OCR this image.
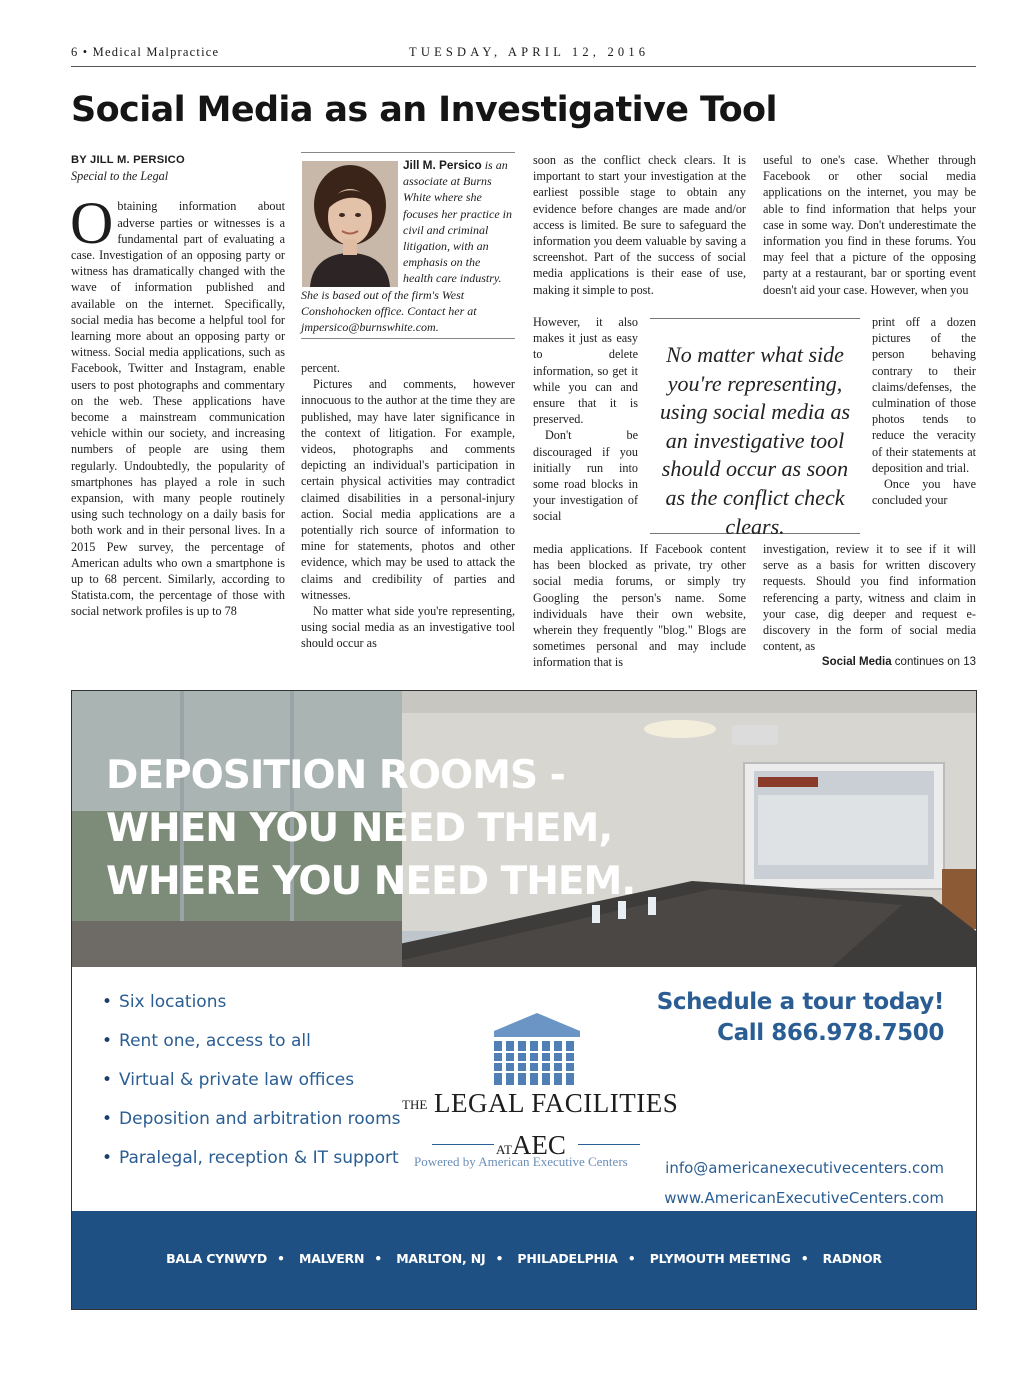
6 • Medical Malpractice	TUESDAY, APRIL 12, 2016
Social Media as an Investigative Tool
BY JILL M. PERSICO
Special to the Legal

Obtaining information about adverse parties or witnesses is a fundamental part of evaluating a case. Investigation of an opposing party or witness has dramatically changed with the wave of information published and available on the internet. Specifically, social media has become a helpful tool for learning more about an opposing party or witness. Social media applications, such as Facebook, Twitter and Instagram, enable users to post photographs and commentary on the web. These applications have become a mainstream communication vehicle within our society, and increasing numbers of people are using them regularly. Undoubtedly, the popularity of smartphones has played a role in such expansion, with many people routinely using such technology on a daily basis for both work and in their personal lives. In a 2015 Pew survey, the percentage of American adults who own a smartphone is up to 68 percent. Similarly, according to Statista.com, the percentage of those with social network profiles is up to 78

Jill M. Persico is an associate at Burns White where she focuses her practice in civil and criminal litigation, with an emphasis on the health care industry. She is based out of the firm's West Conshohocken office. Contact her at jmpersico@burnswhite.com.

percent.

Pictures and comments, however innocuous to the author at the time they are published, may have later significance in the context of litigation. For example, videos, photographs and comments depicting an individual's participation in certain physical activities may contradict claimed disabilities in a personal-injury action. Social media applications are a potentially rich source of information to mine for statements, photos and other evidence, which may be used to attack the claims and credibility of parties and witnesses.

No matter what side you're representing, using social media as an investigative tool should occur as

soon as the conflict check clears. It is important to start your investigation at the earliest possible stage to obtain any evidence before changes are made and/or access is limited. Be sure to safeguard the information you deem valuable by saving a screenshot. Part of the success of social media applications is their ease of use, making it simple to post.

However, it also makes it just as easy to delete information, so get it while you can and ensure that it is preserved.

Don't be discouraged if you initially run into some road blocks in your investigation of social

media applications. If Facebook content has been blocked as private, try other social media forums, or simply try Googling the person's name. Some individuals have their own website, wherein they frequently "blog." Blogs are sometimes personal and may include information that is

No matter what side you're representing, using social media as an investigative tool should occur as soon as the conflict check clears.

useful to one's case. Whether through Facebook or other social media applications on the internet, you may be able to find information that helps your case in some way. Don't underestimate the information you find in these forums. You may feel that a picture of the opposing party at a restaurant, bar or sporting event doesn't aid your case. However, when you

print off a dozen pictures of the person behaving contrary to their claims/defenses, the culmination of those photos tends to reduce the veracity of their statements at deposition and trial.

Once you have concluded your

investigation, review it to see if it will serve as a basis for written discovery requests. Should you find information referencing a party, witness and claim in your case, dig deeper and request e-discovery in the form of social media content, as

Social Media continues on 13
DEPOSITION ROOMS -
WHEN YOU NEED THEM,
WHERE YOU NEED THEM.
• Six locations
• Rent one, access to all
• Virtual & private law offices
• Deposition and arbitration rooms
• Paralegal, reception & IT support
THE LEGAL FACILITIES
ATAEC
Powered by American Executive Centers
Schedule a tour today!
Call 866.978.7500
info@americanexecutivecenters.com
www.AmericanExecutiveCenters.com
BALA CYNWYD • MALVERN • MARLTON, NJ • PHILADELPHIA • PLYMOUTH MEETING • RADNOR
